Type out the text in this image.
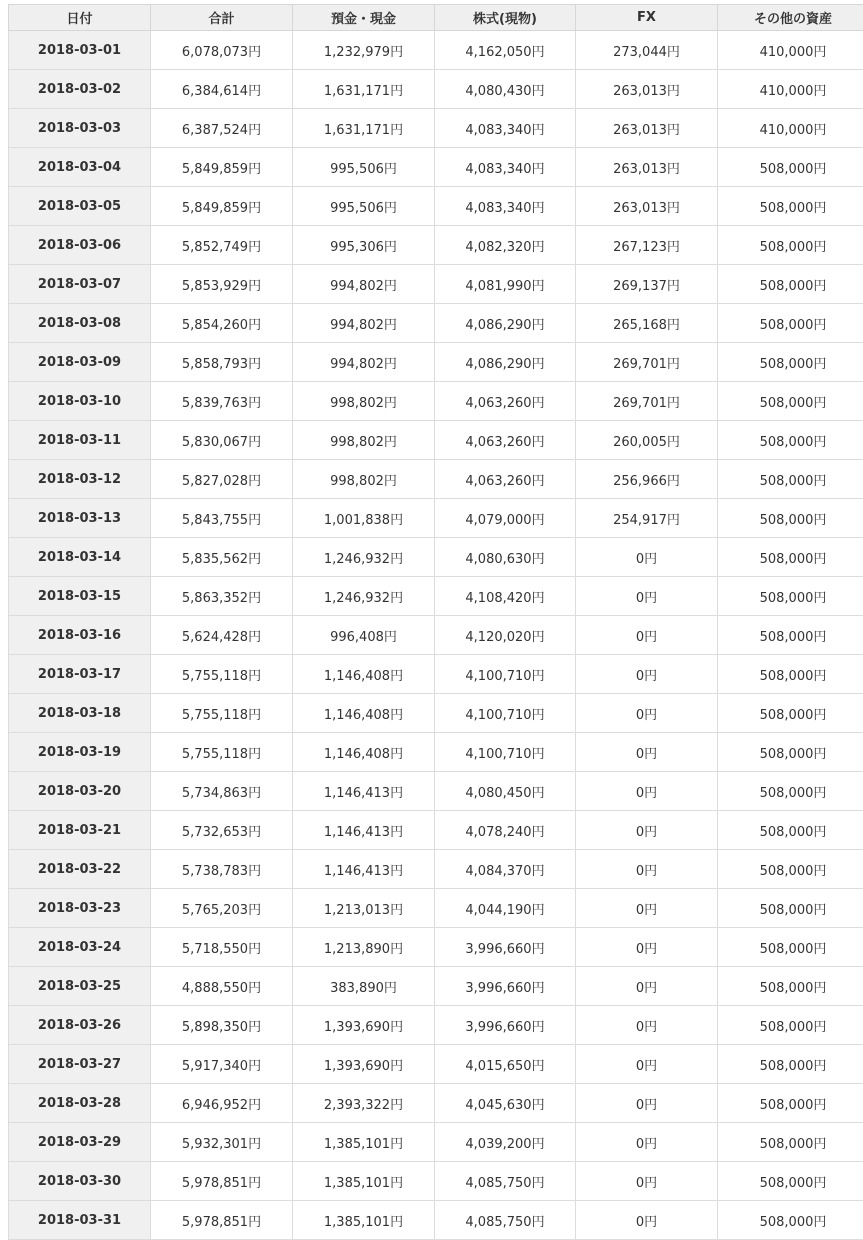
日付	合計	預金・現金	株式(現物)	FX	その他の資産
2018-03-01	6,078,073円	1,232,979円	4,162,050円	273,044円	410,000円
2018-03-02	6,384,614円	1,631,171円	4,080,430円	263,013円	410,000円
2018-03-03	6,387,524円	1,631,171円	4,083,340円	263,013円	410,000円
2018-03-04	5,849,859円	995,506円	4,083,340円	263,013円	508,000円
2018-03-05	5,849,859円	995,506円	4,083,340円	263,013円	508,000円
2018-03-06	5,852,749円	995,306円	4,082,320円	267,123円	508,000円
2018-03-07	5,853,929円	994,802円	4,081,990円	269,137円	508,000円
2018-03-08	5,854,260円	994,802円	4,086,290円	265,168円	508,000円
2018-03-09	5,858,793円	994,802円	4,086,290円	269,701円	508,000円
2018-03-10	5,839,763円	998,802円	4,063,260円	269,701円	508,000円
2018-03-11	5,830,067円	998,802円	4,063,260円	260,005円	508,000円
2018-03-12	5,827,028円	998,802円	4,063,260円	256,966円	508,000円
2018-03-13	5,843,755円	1,001,838円	4,079,000円	254,917円	508,000円
2018-03-14	5,835,562円	1,246,932円	4,080,630円	0円	508,000円
2018-03-15	5,863,352円	1,246,932円	4,108,420円	0円	508,000円
2018-03-16	5,624,428円	996,408円	4,120,020円	0円	508,000円
2018-03-17	5,755,118円	1,146,408円	4,100,710円	0円	508,000円
2018-03-18	5,755,118円	1,146,408円	4,100,710円	0円	508,000円
2018-03-19	5,755,118円	1,146,408円	4,100,710円	0円	508,000円
2018-03-20	5,734,863円	1,146,413円	4,080,450円	0円	508,000円
2018-03-21	5,732,653円	1,146,413円	4,078,240円	0円	508,000円
2018-03-22	5,738,783円	1,146,413円	4,084,370円	0円	508,000円
2018-03-23	5,765,203円	1,213,013円	4,044,190円	0円	508,000円
2018-03-24	5,718,550円	1,213,890円	3,996,660円	0円	508,000円
2018-03-25	4,888,550円	383,890円	3,996,660円	0円	508,000円
2018-03-26	5,898,350円	1,393,690円	3,996,660円	0円	508,000円
2018-03-27	5,917,340円	1,393,690円	4,015,650円	0円	508,000円
2018-03-28	6,946,952円	2,393,322円	4,045,630円	0円	508,000円
2018-03-29	5,932,301円	1,385,101円	4,039,200円	0円	508,000円
2018-03-30	5,978,851円	1,385,101円	4,085,750円	0円	508,000円
2018-03-31	5,978,851円	1,385,101円	4,085,750円	0円	508,000円
